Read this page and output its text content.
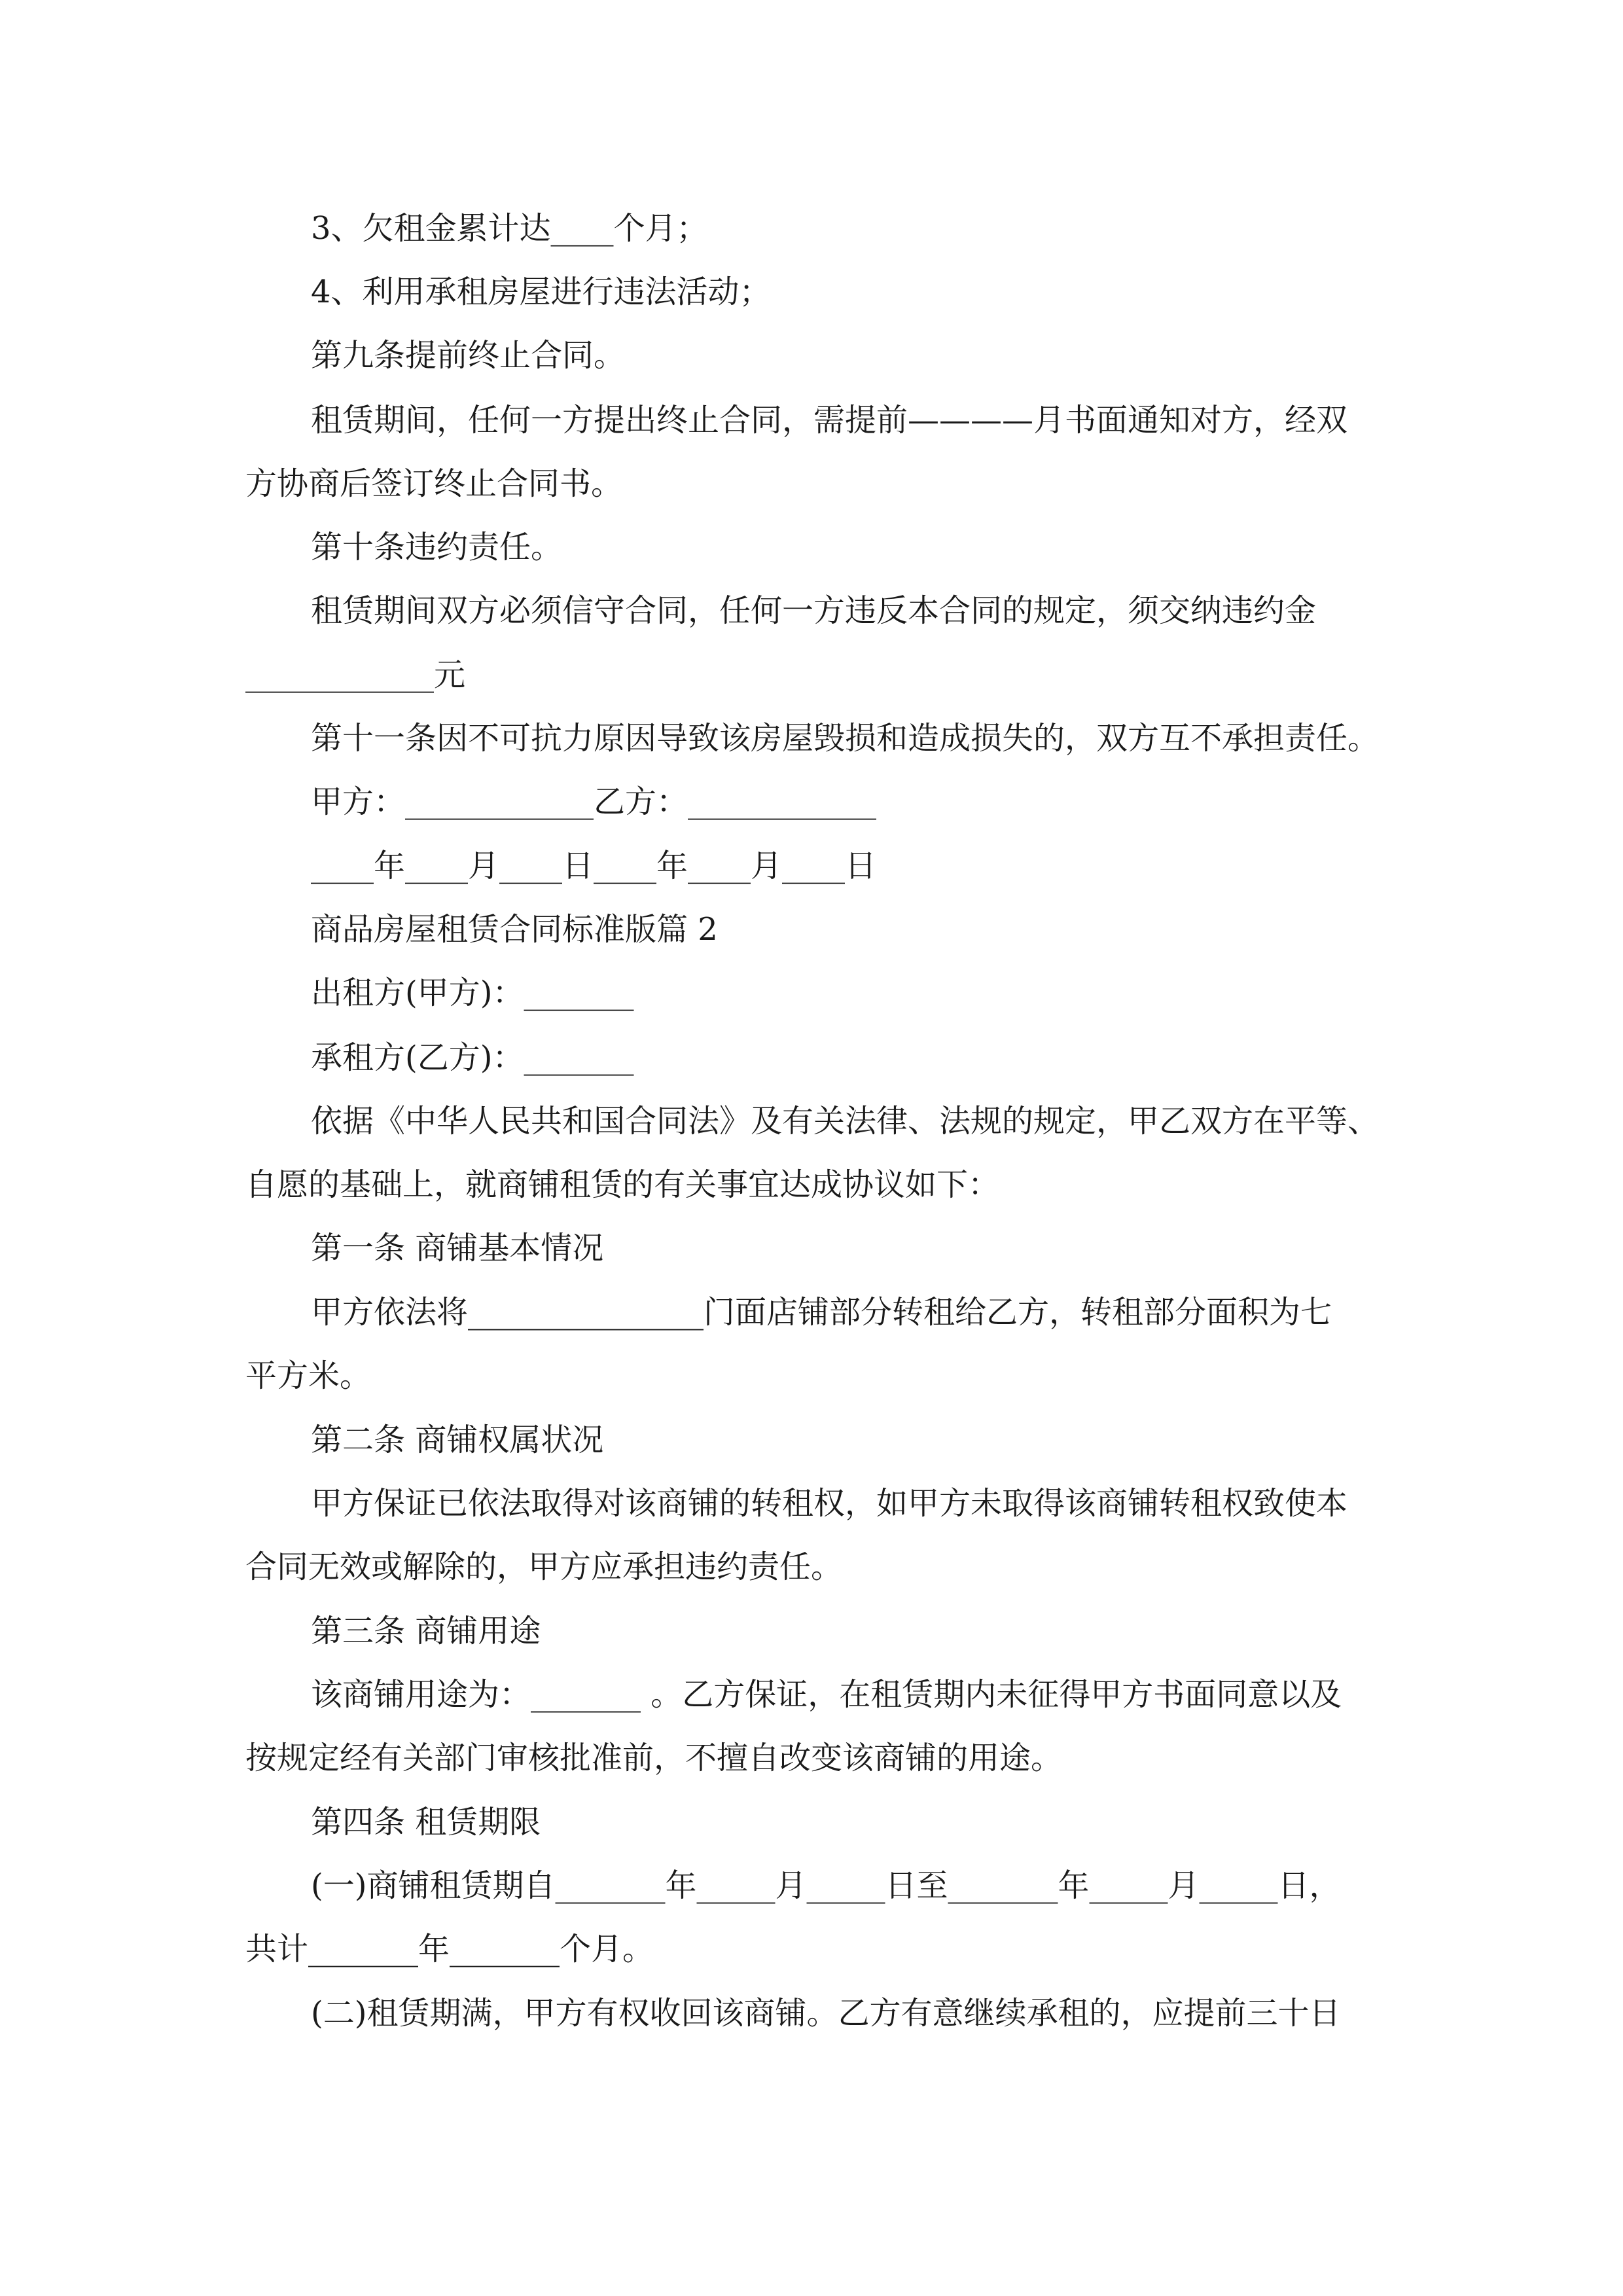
3、欠租金累计达____个月；
4、利用承租房屋进行违法活动；
第九条提前终止合同。
租赁期间，任何一方提出终止合同，需提前————月书面通知对方，经双
方协商后签订终止合同书。
第十条违约责任。
租赁期间双方必须信守合同，任何一方违反本合同的规定，须交纳违约金
____________元
第十一条因不可抗力原因导致该房屋毁损和造成损失的，双方互不承担责任。
甲方：____________乙方：____________
____年____月____日____年____月____日
商品房屋租赁合同标准版篇 2
出租方(甲方)：_______
承租方(乙方)：_______
依据《中华人民共和国合同法》及有关法律、法规的规定，甲乙双方在平等、
自愿的基础上，就商铺租赁的有关事宜达成协议如下：
第一条 商铺基本情况
甲方依法将_______________门面店铺部分转租给乙方，转租部分面积为七
平方米。
第二条 商铺权属状况
甲方保证已依法取得对该商铺的转租权，如甲方未取得该商铺转租权致使本
合同无效或解除的，甲方应承担违约责任。
第三条 商铺用途
该商铺用途为：_______ 。乙方保证，在租赁期内未征得甲方书面同意以及
按规定经有关部门审核批准前，不擅自改变该商铺的用途。
第四条 租赁期限
(一)商铺租赁期自_______年_____月_____日至_______年_____月_____日，
共计_______年_______个月。
(二)租赁期满，甲方有权收回该商铺。乙方有意继续承租的，应提前三十日
